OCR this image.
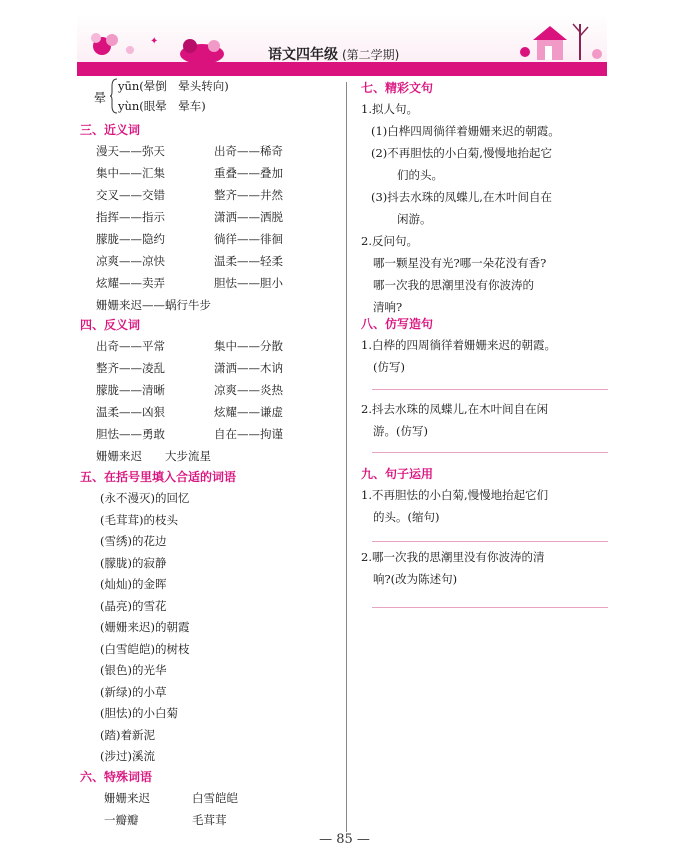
✦
语文四年级 (第二学期)
晕
yūn(晕倒　晕头转向)
yùn(眼晕　晕车)
三、近义词
漫天——弥天	出奇——稀奇
集中——汇集	重叠——叠加
交叉——交错	整齐——井然
指挥——指示	潇洒——洒脱
朦胧——隐约	徜徉——徘徊
凉爽——凉快	温柔——轻柔
炫耀——卖弄	胆怯——胆小
姗姗来迟——蜗行牛步
四、反义词
出奇——平常	集中——分散
整齐——凌乱	潇洒——木讷
朦胧——清晰	凉爽——炎热
温柔——凶狠	炫耀——谦虚
胆怯——勇敢	自在——拘谨
姗姗来迟　　大步流星
五、在括号里填入合适的词语
(永不漫灭)的回忆
(毛茸茸)的枝头
(雪绣)的花边
(朦胧)的寂静
(灿灿)的金晖
(晶亮)的雪花
(姗姗来迟)的朝霞
(白雪皑皑)的树枝
(银色)的光华
(新绿)的小草
(胆怯)的小白菊
(踏)着新泥
(涉过)溪流
六、特殊词语
姗姗来迟	白雪皑皑
一瓣瓣	毛茸茸
七、精彩文句
1.拟人句。
(1)白桦四周徜徉着姗姗来迟的朝霞。
(2)不再胆怯的小白菊,慢慢地抬起它
们的头。
(3)抖去水珠的凤蝶儿,在木叶间自在
闲游。
2.反问句。
哪一颗星没有光?哪一朵花没有香?
哪一次我的思潮里没有你波涛的
清响?
八、仿写造句
1.白桦的四周徜徉着姗姗来迟的朝霞。
(仿写)
2.抖去水珠的凤蝶儿,在木叶间自在闲
游。(仿写)
九、句子运用
1.不再胆怯的小白菊,慢慢地抬起它们
的头。(缩句)
2.哪一次我的思潮里没有你波涛的清
响?(改为陈述句)
— 85 —
